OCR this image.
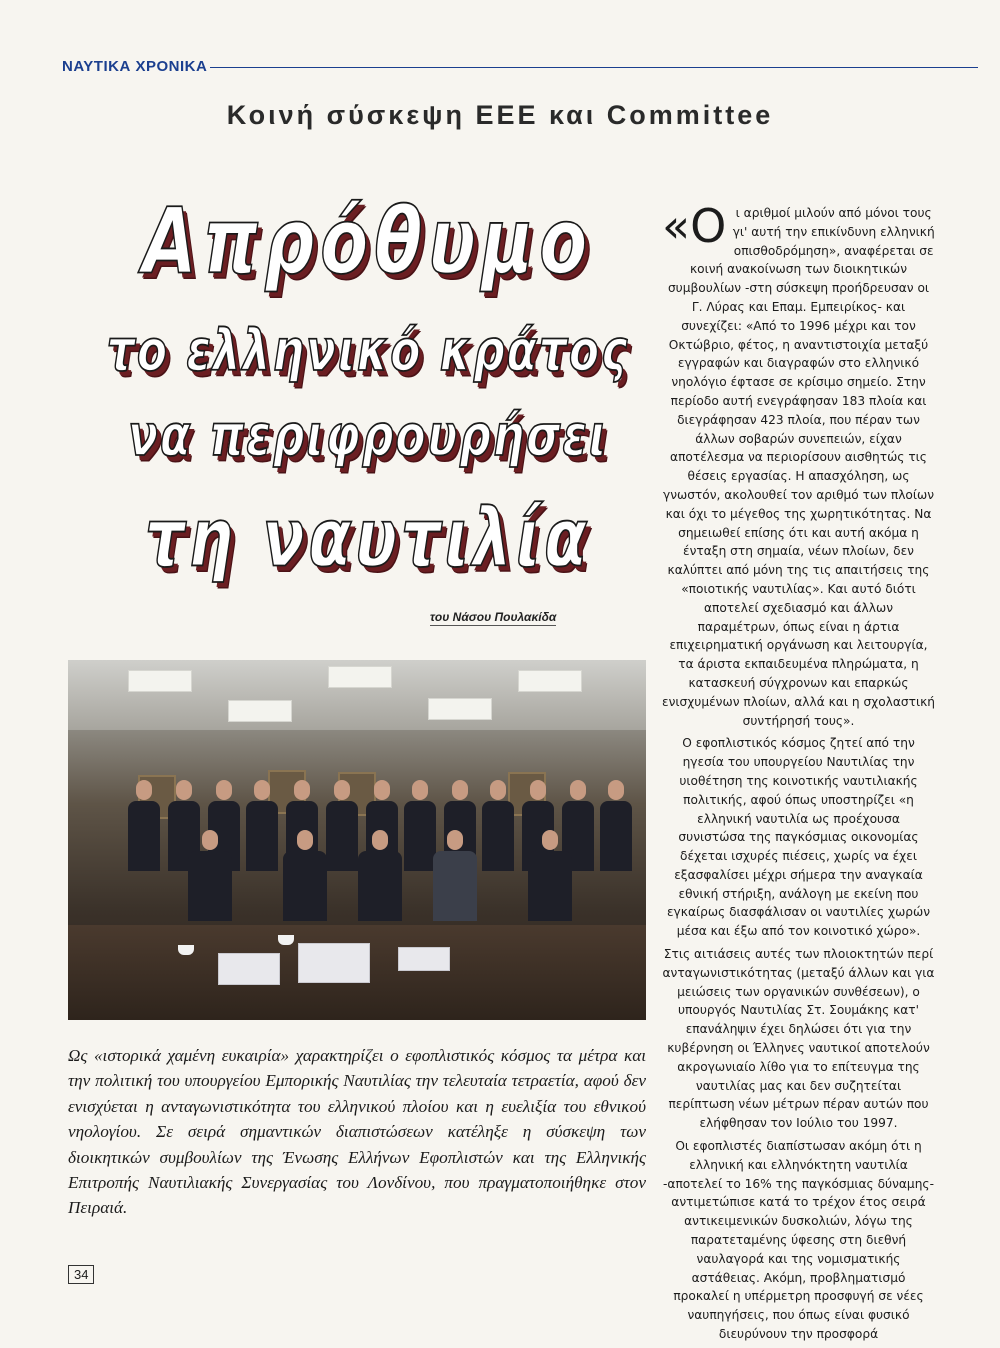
ΝΑΥΤΙΚΑ ΧΡΟΝΙΚΑ
Κοινή σύσκεψη ΕΕΕ και Committee
Απρόθυμο
το ελληνικό κράτος
να περιφρουρήσει
τη ναυτιλία
του Νάσου Πουλακίδα
Ως «ιστορικά χαμένη ευκαιρία» χαρακτηρίζει ο εφοπλιστικός κόσμος τα μέτρα και την πολιτική του υπουργείου Εμπορικής Ναυτιλίας την τελευταία τετραετία, αφού δεν ενισχύεται η ανταγωνιστικότητα του ελληνικού πλοίου και η ευελιξία του εθνικού νηολογίου. Σε σειρά σημαντικών διαπιστώσεων κατέληξε η σύσκεψη των διοικητικών συμβουλίων της Ένωσης Ελλήνων Εφοπλιστών και της Ελληνικής Επιτροπής Ναυτιλιακής Συνεργασίας του Λονδίνου, που πραγματοποιήθηκε στον Πειραιά.
34

«Οι αριθμοί μιλούν από μόνοι τους γι' αυτή την επικίνδυνη ελληνική οπισθοδρόμηση», αναφέρεται σε κοινή ανακοίνωση των διοικητικών συμβουλίων -στη σύσκεψη προήδρευσαν οι Γ. Λύρας και Επαμ. Εμπειρίκος- και συνεχίζει: «Από το 1996 μέχρι και τον Οκτώβριο, φέτος, η αναντιστοιχία μεταξύ εγγραφών και διαγραφών στο ελληνικό νηολόγιο έφτασε σε κρίσιμο σημείο. Στην περίοδο αυτή ενεγράφησαν 183 πλοία και διεγράφησαν 423 πλοία, που πέραν των άλλων σοβαρών συνεπειών, είχαν αποτέλεσμα να περιορίσουν αισθητώς τις θέσεις εργασίας. Η απασχόληση, ως γνωστόν, ακολουθεί τον αριθμό των πλοίων και όχι το μέγεθος της χωρητικότητας. Να σημειωθεί επίσης ότι και αυτή ακόμα η ένταξη στη σημαία, νέων πλοίων, δεν καλύπτει από μόνη της τις απαιτήσεις της «ποιοτικής ναυτιλίας». Και αυτό διότι αποτελεί σχεδιασμό και άλλων παραμέτρων, όπως είναι η άρτια επιχειρηματική οργάνωση και λειτουργία, τα άριστα εκπαιδευμένα πληρώματα, η κατασκευή σύγχρονων και επαρκώς ενισχυμένων πλοίων, αλλά και η σχολαστική συντήρησή τους».

Ο εφοπλιστικός κόσμος ζητεί από την ηγεσία του υπουργείου Ναυτιλίας την υιοθέτηση της κοινοτικής ναυτιλιακής πολιτικής, αφού όπως υποστηρίζει «η ελληνική ναυτιλία ως πρoέχουσα συνιστώσα της παγκόσμιας οικονομίας δέχεται ισχυρές πιέσεις, χωρίς να έχει εξασφαλίσει μέχρι σήμερα την αναγκαία εθνική στήριξη, ανάλογη με εκείνη που εγκαίρως διασφάλισαν οι ναυτιλίες χωρών μέσα και έξω από τον κοινοτικό χώρο».

Στις αιτιάσεις αυτές των πλοιοκτητών περί ανταγωνιστικότητας (μεταξύ άλλων και για μειώσεις των οργανικών συνθέσεων), ο υπουργός Ναυτιλίας Στ. Σουμάκης κατ' επανάληψιν έχει δηλώσει ότι για την κυβέρνηση οι Έλληνες ναυτικοί αποτελούν ακρογωνιαίο λίθο για το επίτευγμα της ναυτιλίας μας και δεν συζητείται περίπτωση νέων μέτρων πέραν αυτών που ελήφθησαν τον Ιούλιο του 1997.

Οι εφοπλιστές διαπίστωσαν ακόμη ότι η ελληνική και ελληνόκτητη ναυτιλία -αποτελεί το 16% της παγκόσμιας δύναμης- αντιμετώπισε κατά το τρέχον έτος σειρά αντικειμενικών δυσκολιών, λόγω της παρατεταμένης ύφεσης στη διεθνή ναυλαγορά και της νομισματικής αστάθειας. Ακόμη, προβληματισμό προκαλεί η υπέρμετρη προσφυγή σε νέες ναυπηγήσεις, που όπως είναι φυσικό διευρύνουν την προσφορά
